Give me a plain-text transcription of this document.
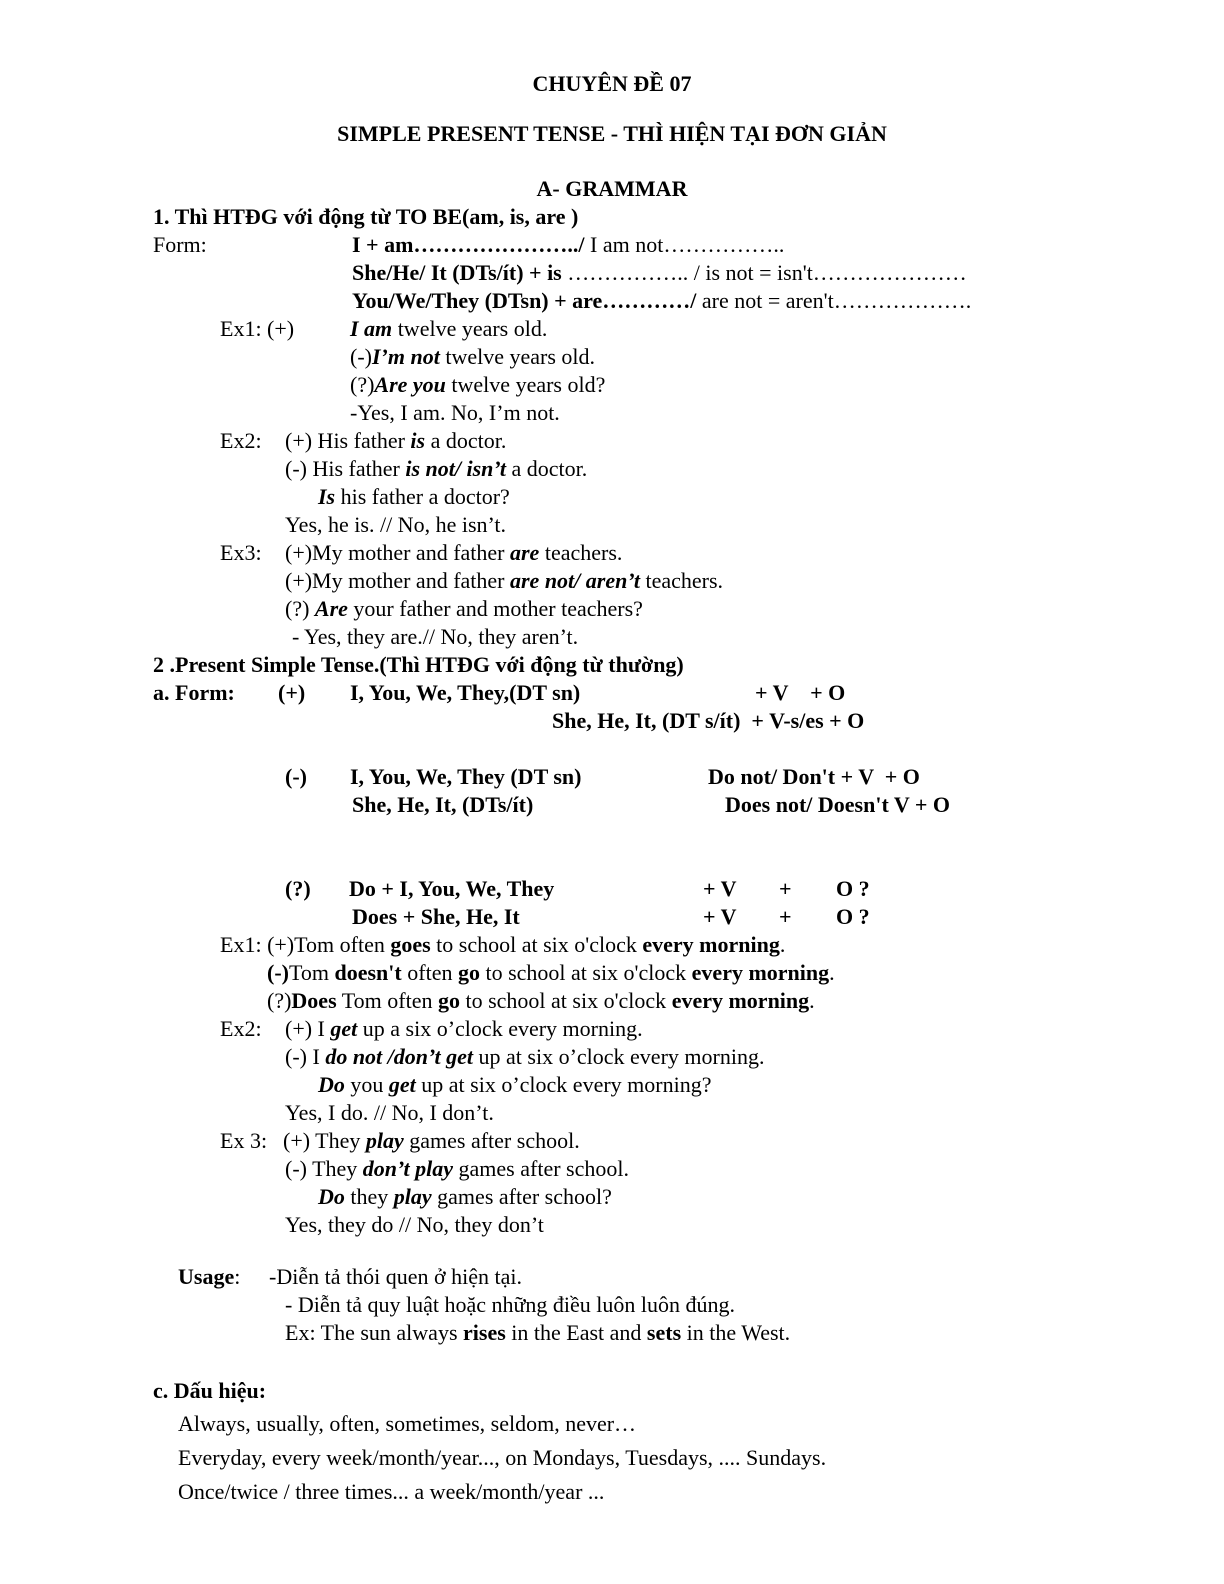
CHUYÊN ĐỀ 07
SIMPLE PRESENT TENSE - THÌ HIỆN TẠI ĐƠN GIẢN
A- GRAMMAR
1. Thì HTĐG với động từ TO BE(am, is, are )
Form:	I + am…………………../ I am not……………..
She/He/ It (DTs/ít) + is …………….. / is not = isn't…………………
You/We/They (DTsn) + are…………/ are not = aren't……………….
Ex1: (+)	I am twelve years old.
(-)I’m not twelve years old.
(?)Are you twelve years old?
-Yes, I am. No, I’m not.
Ex2: (+) His father is a doctor.
(-) His father is not/ isn’t a doctor.
Is his father a doctor?
Yes, he is. // No, he isn’t.
Ex3: (+)My mother and father are teachers.
(+)My mother and father are not/ aren’t teachers.
(?) Are your father and mother teachers?
- Yes, they are.// No, they aren’t.
2 .Present Simple Tense.(Thì HTĐG với động từ thường)
a. Form: (+) I, You, We, They,(DT sn)	+ V    + O
She, He, It, (DT s/ít)  + V-s/es + O
(-) I, You, We, They (DT sn)	Do not/ Don't + V  + O
She, He, It, (DTs/ít)	Does not/ Doesn't V + O
(?) Do + I, You, We, They	+ V + O ?
Does + She, He, It	+ V + O ?
Ex1: (+)Tom often goes to school at six o'clock every morning.
(-)Tom doesn't often go to school at six o'clock every morning.
(?)Does Tom often go to school at six o'clock every morning.
Ex2: (+) I get up a six o’clock every morning.
(-) I do not /don’t get up at six o’clock every morning.
Do you get up at six o’clock every morning?
Yes, I do. // No, I don’t.
Ex 3: (+) They play games after school.
(-) They don’t play games after school.
Do they play games after school?
Yes, they do // No, they don’t
Usage: -Diễn tả thói quen ở hiện tại.
- Diễn tả quy luật hoặc những điều luôn luôn đúng.
Ex: The sun always rises in the East and sets in the West.
c. Dấu hiệu:
Always, usually, often, sometimes, seldom, never…
Everyday, every week/month/year..., on Mondays, Tuesdays, .... Sundays.
Once/twice / three times... a week/month/year ...
